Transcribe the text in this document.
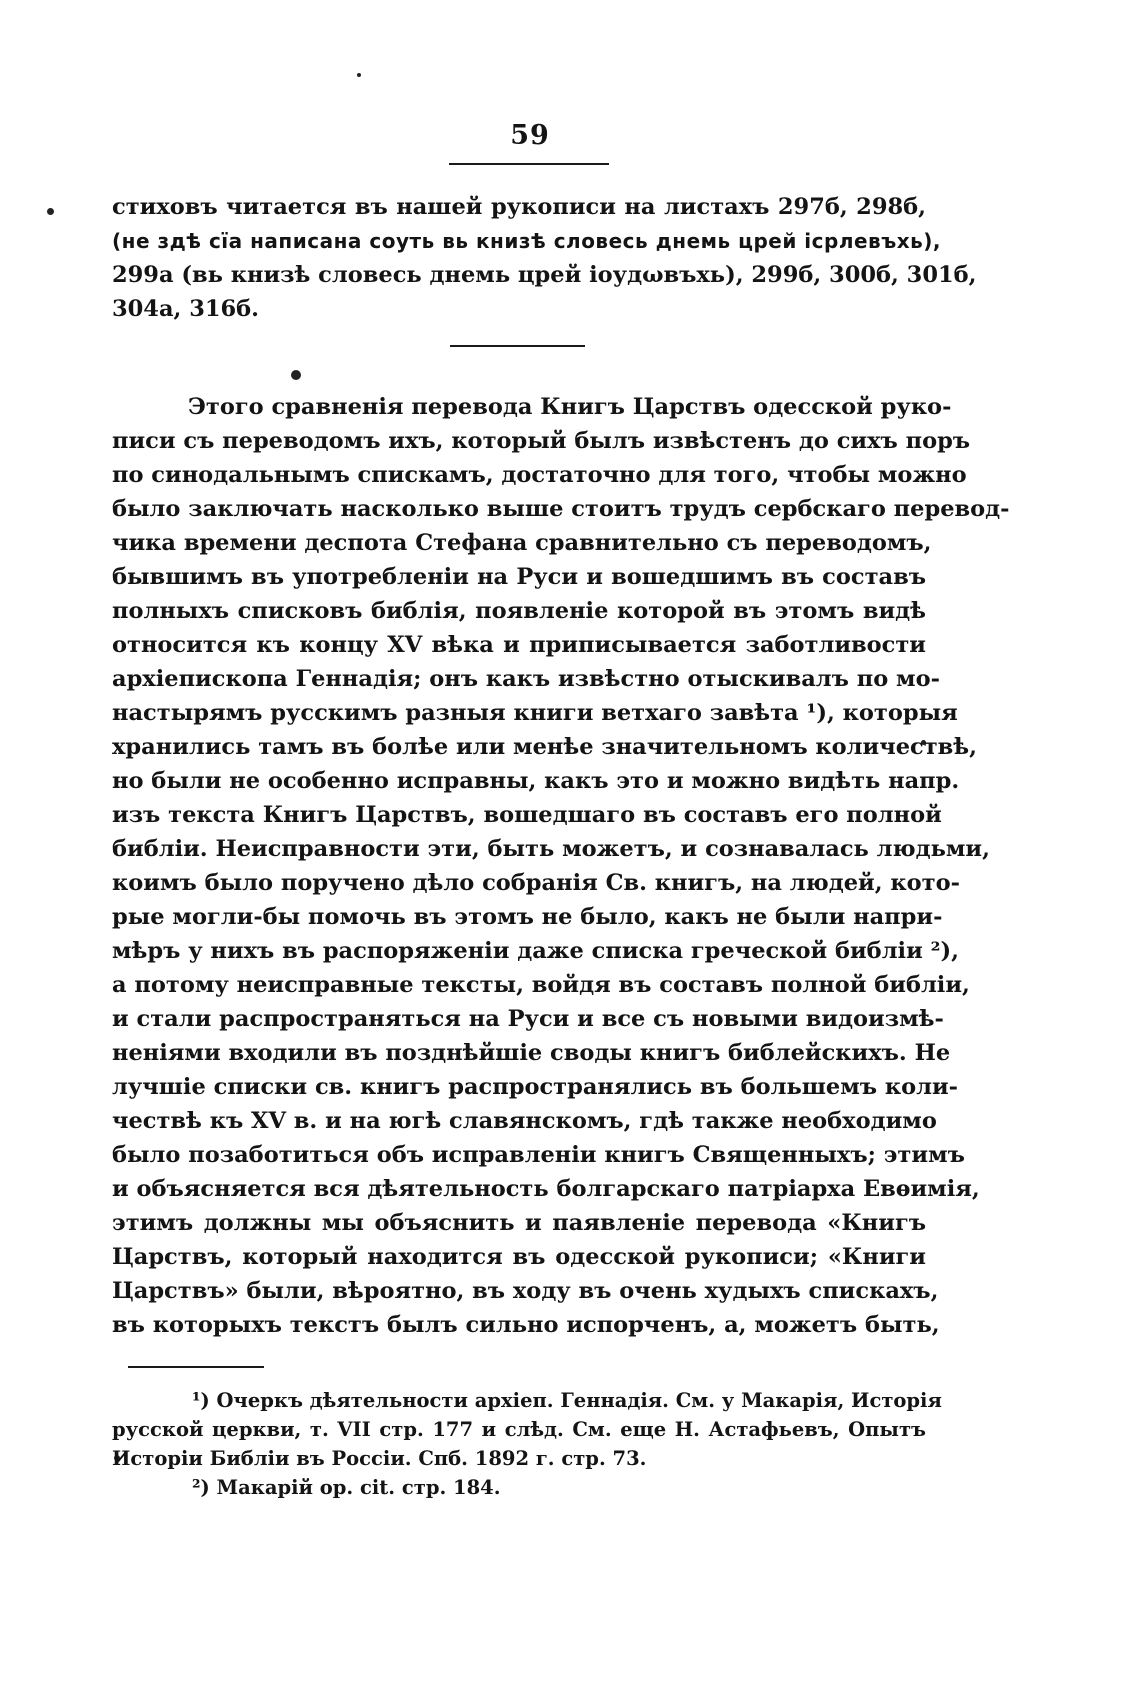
59
стиховъ читается въ нашей рукописи на листахъ 297б, 298б,
(не здѣ сїа написана соуть вь книзѣ словесь днемь црей ісрлевъхь),
299а (вь книзѣ словесь днемь црей іоудωвъхь), 299б, 300б, 301б,
304а, 316б.
Этого сравненія перевода Книгъ Царствъ одесской руко-
писи съ переводомъ ихъ, который былъ извѣстенъ до сихъ поръ
по синодальнымъ спискамъ, достаточно для того, чтобы можно
было заключать насколько выше стоитъ трудъ сербскаго перевод-
чика времени деспота Стефана сравнительно съ переводомъ,
бывшимъ въ употребленіи на Руси и вошедшимъ въ составъ
полныхъ списковъ библія, появленіе которой въ этомъ видѣ
относится къ концу XV вѣка и приписывается заботливости
архіепископа Геннадія; онъ какъ извѣстно отыскивалъ по мо-
настырямъ русскимъ разныя книги ветхаго завѣта ¹), которыя
хранились тамъ въ болѣе или менѣе значительномъ количествѣ,
но были не особенно исправны, какъ это и можно видѣть напр.
изъ текста Книгъ Царствъ, вошедшаго въ составъ его полной
библіи. Неисправности эти, быть можетъ, и сознавалась людьми,
коимъ было поручено дѣло собранія Св. книгъ, на людей, кото-
рые могли-бы помочь въ этомъ не было, какъ не были напри-
мѣръ у нихъ въ распоряженіи даже списка греческой библіи ²),
а потому неисправные тексты, войдя въ составъ полной библіи,
и стали распространяться на Руси и все съ новыми видоизмѣ-
неніями входили въ позднѣйшіе своды книгъ библейскихъ. Не
лучшіе списки св. книгъ распространялись въ большемъ коли-
чествѣ къ XV в. и на югѣ славянскомъ, гдѣ также необходимо
было позаботиться объ исправленіи книгъ Священныхъ; этимъ
и объясняется вся дѣятельность болгарскаго патріарха Евѳимія,
этимъ должны мы объяснить и паявленіе перевода «Книгъ
Царствъ, который находится въ одесской рукописи; «Книги
Царствъ» были, вѣроятно, въ ходу въ очень худыхъ спискахъ,
въ которыхъ текстъ былъ сильно испорченъ, а, можетъ быть,
¹) Очеркъ дѣятельности архіеп. Геннадія. См. у Макарія, Исторія
русской церкви, т. VII стр. 177 и слѣд. См. еще Н. Астафьевъ, Опытъ
Исторіи Библіи въ Россіи. Спб. 1892 г. стр. 73.
²) Макарій op. cit. стр. 184.
